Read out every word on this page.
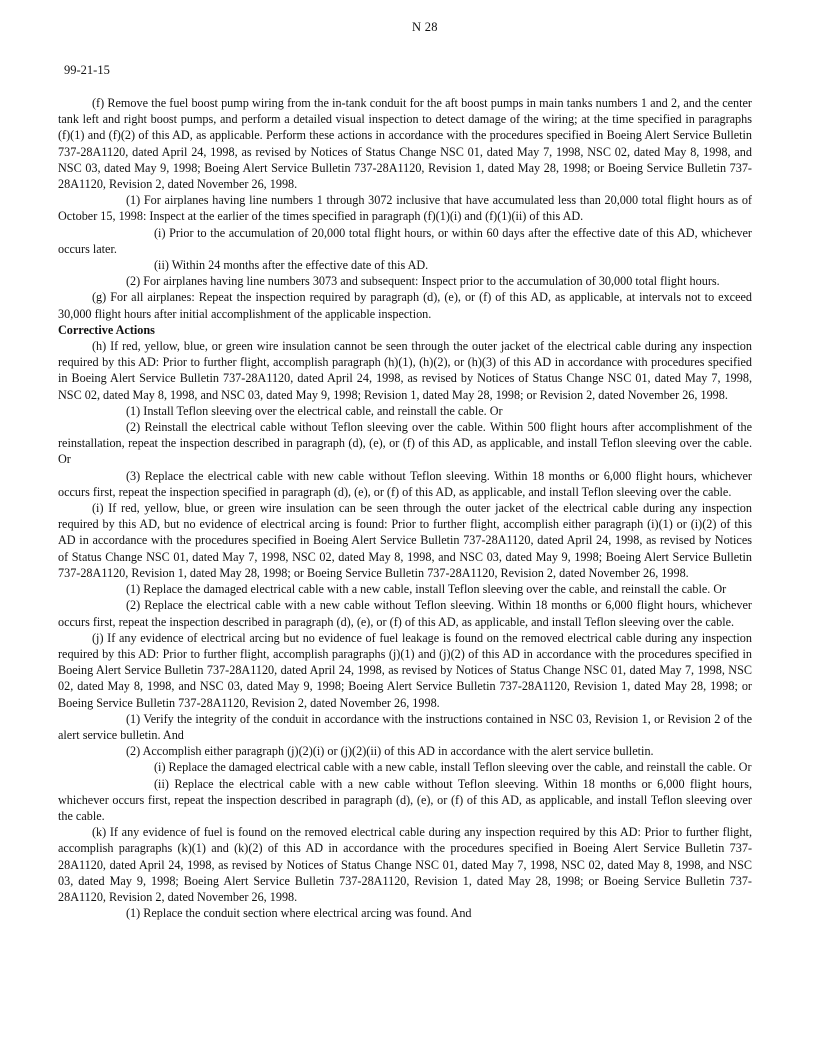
N 28
99-21-15

(f) Remove the fuel boost pump wiring from the in-tank conduit for the aft boost pumps in main tanks numbers 1 and 2, and the center tank left and right boost pumps, and perform a detailed visual inspection to detect damage of the wiring; at the time specified in paragraphs (f)(1) and (f)(2) of this AD, as applicable. Perform these actions in accordance with the procedures specified in Boeing Alert Service Bulletin 737-28A1120, dated April 24, 1998, as revised by Notices of Status Change NSC 01, dated May 7, 1998, NSC 02, dated May 8, 1998, and NSC 03, dated May 9, 1998; Boeing Alert Service Bulletin 737-28A1120, Revision 1, dated May 28, 1998; or Boeing Service Bulletin 737-28A1120, Revision 2, dated November 26, 1998.

(1) For airplanes having line numbers 1 through 3072 inclusive that have accumulated less than 20,000 total flight hours as of October 15, 1998: Inspect at the earlier of the times specified in paragraph (f)(1)(i) and (f)(1)(ii) of this AD.

(i) Prior to the accumulation of 20,000 total flight hours, or within 60 days after the effective date of this AD, whichever occurs later.

(ii) Within 24 months after the effective date of this AD.

(2) For airplanes having line numbers 3073 and subsequent: Inspect prior to the accumulation of 30,000 total flight hours.

(g) For all airplanes: Repeat the inspection required by paragraph (d), (e), or (f) of this AD, as applicable, at intervals not to exceed 30,000 flight hours after initial accomplishment of the applicable inspection.

Corrective Actions

(h) If red, yellow, blue, or green wire insulation cannot be seen through the outer jacket of the electrical cable during any inspection required by this AD: Prior to further flight, accomplish paragraph (h)(1), (h)(2), or (h)(3) of this AD in accordance with procedures specified in Boeing Alert Service Bulletin 737-28A1120, dated April 24, 1998, as revised by Notices of Status Change NSC 01, dated May 7, 1998, NSC 02, dated May 8, 1998, and NSC 03, dated May 9, 1998; Revision 1, dated May 28, 1998; or Revision 2, dated November 26, 1998.

(1) Install Teflon sleeving over the electrical cable, and reinstall the cable. Or

(2) Reinstall the electrical cable without Teflon sleeving over the cable. Within 500 flight hours after accomplishment of the reinstallation, repeat the inspection described in paragraph (d), (e), or (f) of this AD, as applicable, and install Teflon sleeving over the cable. Or

(3) Replace the electrical cable with new cable without Teflon sleeving. Within 18 months or 6,000 flight hours, whichever occurs first, repeat the inspection specified in paragraph (d), (e), or (f) of this AD, as applicable, and install Teflon sleeving over the cable.

(i) If red, yellow, blue, or green wire insulation can be seen through the outer jacket of the electrical cable during any inspection required by this AD, but no evidence of electrical arcing is found: Prior to further flight, accomplish either paragraph (i)(1) or (i)(2) of this AD in accordance with the procedures specified in Boeing Alert Service Bulletin 737-28A1120, dated April 24, 1998, as revised by Notices of Status Change NSC 01, dated May 7, 1998, NSC 02, dated May 8, 1998, and NSC 03, dated May 9, 1998; Boeing Alert Service Bulletin 737-28A1120, Revision 1, dated May 28, 1998; or Boeing Service Bulletin 737-28A1120, Revision 2, dated November 26, 1998.

(1) Replace the damaged electrical cable with a new cable, install Teflon sleeving over the cable, and reinstall the cable. Or

(2) Replace the electrical cable with a new cable without Teflon sleeving. Within 18 months or 6,000 flight hours, whichever occurs first, repeat the inspection described in paragraph (d), (e), or (f) of this AD, as applicable, and install Teflon sleeving over the cable.

(j) If any evidence of electrical arcing but no evidence of fuel leakage is found on the removed electrical cable during any inspection required by this AD: Prior to further flight, accomplish paragraphs (j)(1) and (j)(2) of this AD in accordance with the procedures specified in Boeing Alert Service Bulletin 737-28A1120, dated April 24, 1998, as revised by Notices of Status Change NSC 01, dated May 7, 1998, NSC 02, dated May 8, 1998, and NSC 03, dated May 9, 1998; Boeing Alert Service Bulletin 737-28A1120, Revision 1, dated May 28, 1998; or Boeing Service Bulletin 737-28A1120, Revision 2, dated November 26, 1998.

(1) Verify the integrity of the conduit in accordance with the instructions contained in NSC 03, Revision 1, or Revision 2 of the alert service bulletin. And

(2) Accomplish either paragraph (j)(2)(i) or (j)(2)(ii) of this AD in accordance with the alert service bulletin.

(i) Replace the damaged electrical cable with a new cable, install Teflon sleeving over the cable, and reinstall the cable. Or

(ii) Replace the electrical cable with a new cable without Teflon sleeving. Within 18 months or 6,000 flight hours, whichever occurs first, repeat the inspection described in paragraph (d), (e), or (f) of this AD, as applicable, and install Teflon sleeving over the cable.

(k) If any evidence of fuel is found on the removed electrical cable during any inspection required by this AD: Prior to further flight, accomplish paragraphs (k)(1) and (k)(2) of this AD in accordance with the procedures specified in Boeing Alert Service Bulletin 737-28A1120, dated April 24, 1998, as revised by Notices of Status Change NSC 01, dated May 7, 1998, NSC 02, dated May 8, 1998, and NSC 03, dated May 9, 1998; Boeing Alert Service Bulletin 737-28A1120, Revision 1, dated May 28, 1998; or Boeing Service Bulletin 737-28A1120, Revision 2, dated November 26, 1998.

(1) Replace the conduit section where electrical arcing was found. And
